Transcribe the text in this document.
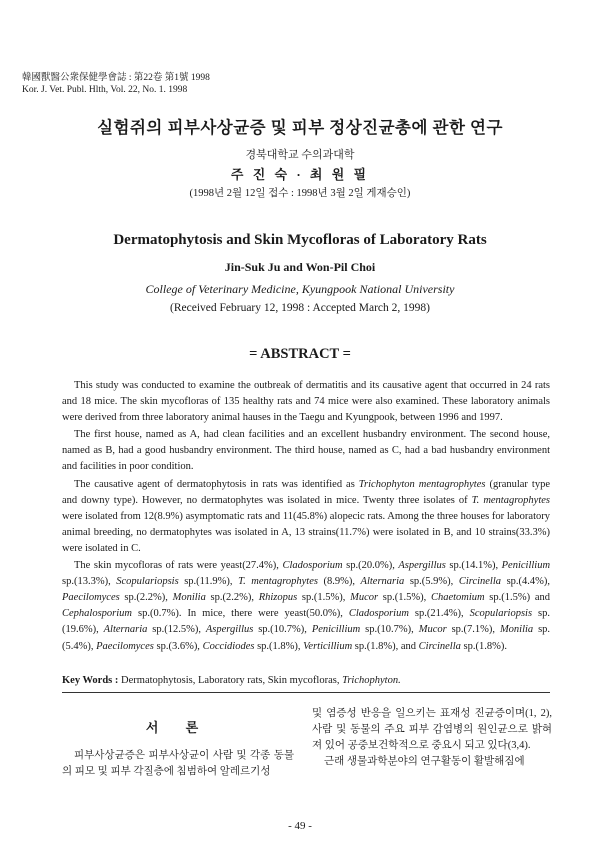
韓國獸醫公衆保健學會誌 : 第22卷 第1號 1998
Kor. J. Vet. Publ. Hlth, Vol. 22, No. 1. 1998
실험쥐의 피부사상균증 및 피부 정상진균총에 관한 연구
경북대학교 수의과대학
주 진 숙 · 최 원 필
(1998년 2월 12일 접수 : 1998년 3월 2일 게재승인)
Dermatophytosis and Skin Mycofloras of Laboratory Rats
Jin-Suk Ju and Won-Pil Choi
College of Veterinary Medicine, Kyungpook National University
(Received February 12, 1998 : Accepted March 2, 1998)
= ABSTRACT =

This study was conducted to examine the outbreak of dermatitis and its causative agent that occurred in 24 rats and 18 mice. The skin mycofloras of 135 healthy rats and 74 mice were also examined. These laboratory animals were derived from three laboratory animal hauses in the Taegu and Kyungpook, between 1996 and 1997.

The first house, named as A, had clean facilities and an excellent husbandry environment. The second house, named as B, had a good husbandry environment. The third house, named as C, had a bad husbandry environment and facilities in poor condition.

The causative agent of dermatophytosis in rats was identified as Trichophyton mentagrophytes (granular type and downy type). However, no dermatophytes was isolated in mice. Twenty three isolates of T. mentagrophytes were isolated from 12(8.9%) asymptomatic rats and 11(45.8%) alopecic rats. Among the three houses for laboratory animal breeding, no dermatophytes was isolated in A, 13 strains(11.7%) were isolated in B, and 10 strains(33.3%) were isolated in C.

The skin mycofloras of rats were yeast(27.4%), Cladosporium sp.(20.0%), Aspergillus sp.(14.1%), Penicillium sp.(13.3%), Scopulariopsis sp.(11.9%), T. mentagrophytes (8.9%), Alternaria sp.(5.9%), Circinella sp.(4.4%), Paecilomyces sp.(2.2%), Monilia sp.(2.2%), Rhizopus sp.(1.5%), Mucor sp.(1.5%), Chaetomium sp.(1.5%) and Cephalosporium sp.(0.7%). In mice, there were yeast(50.0%), Cladosporium sp.(21.4%), Scopulariopsis sp. (19.6%), Alternaria sp.(12.5%), Aspergillus sp.(10.7%), Penicillium sp.(10.7%), Mucor sp.(7.1%), Monilia sp.(5.4%), Paecilomyces sp.(3.6%), Coccidiodes sp.(1.8%), Verticillium sp.(1.8%), and Circinella sp.(1.8%).

Key Words : Dermatophytosis, Laboratory rats, Skin mycofloras, Trichophyton.
서 론

피부사상균증은 피부사상균이 사람 및 각종 동물의 피모 및 피부 각질층에 침범하여 알레르기성

및 염증성 반응을 일으키는 표재성 진균증이며(1, 2), 사람 및 동물의 주요 피부 감염병의 원인균으로 밝혀져 있어 공중보건학적으로 중요시 되고 있다(3,4).

근래 생물과학분야의 연구활동이 활발해짐에

- 49 -
